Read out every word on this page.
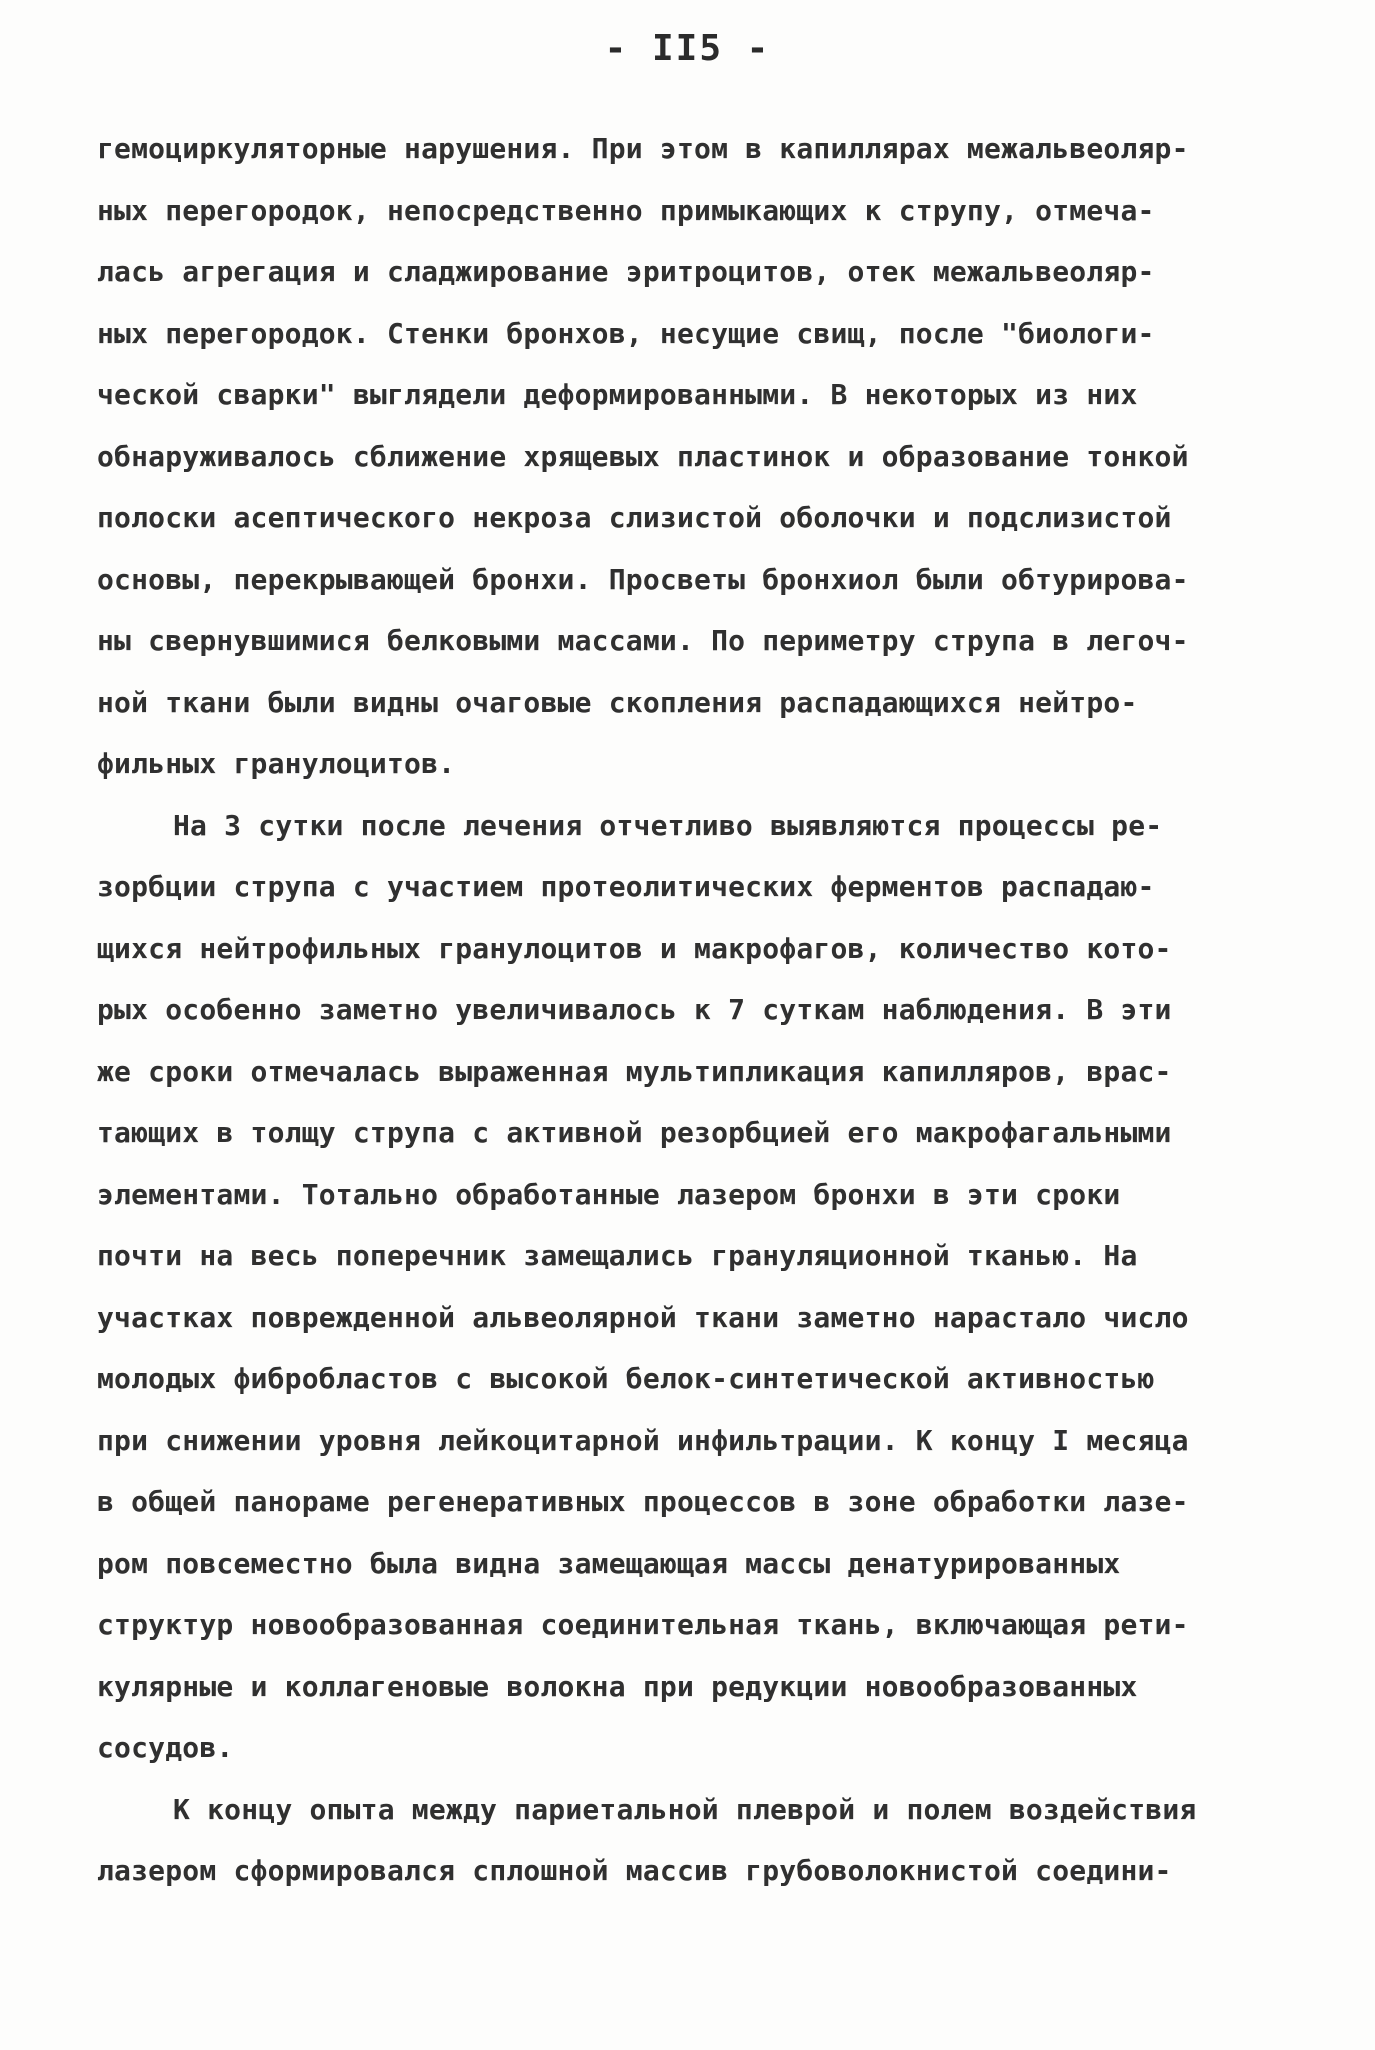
- II5 -
гемоциркуляторные нарушения. При этом в капиллярах межальвеоляр-
ных перегородок, непосредственно примыкающих к струпу, отмеча-
лась агрегация и сладжирование эритроцитов, отек межальвеоляр-
ных перегородок. Стенки бронхов, несущие свищ, после "биологи-
ческой сварки" выглядели деформированными. В некоторых из них
обнаруживалось сближение хрящевых пластинок и образование тонкой
полоски асептического некроза слизистой оболочки и подслизистой
основы, перекрывающей бронхи. Просветы бронхиол были обтурирова-
ны свернувшимися белковыми массами. По периметру струпа в легоч-
ной ткани были видны очаговые скопления распадающихся нейтро-
фильных гранулоцитов.
На 3 сутки после лечения отчетливо выявляются процессы ре-
зорбции струпа с участием протеолитических ферментов распадаю-
щихся нейтрофильных гранулоцитов и макрофагов, количество кото-
рых особенно заметно увеличивалось к 7 суткам наблюдения. В эти
же сроки отмечалась выраженная мультипликация капилляров, врас-
тающих в толщу струпа с активной резорбцией его макрофагальными
элементами. Тотально обработанные лазером бронхи в эти сроки
почти на весь поперечник замещались грануляционной тканью. На
участках поврежденной альвеолярной ткани заметно нарастало число
молодых фибробластов с высокой белок-синтетической активностью
при снижении уровня лейкоцитарной инфильтрации. К концу I месяца
в общей панораме регенеративных процессов в зоне обработки лазе-
ром повсеместно была видна замещающая массы денатурированных
структур новообразованная соединительная ткань, включающая рети-
кулярные и коллагеновые волокна при редукции новообразованных
сосудов.
К концу опыта между париетальной плеврой и полем воздействия
лазером сформировался сплошной массив грубоволокнистой соедини-
